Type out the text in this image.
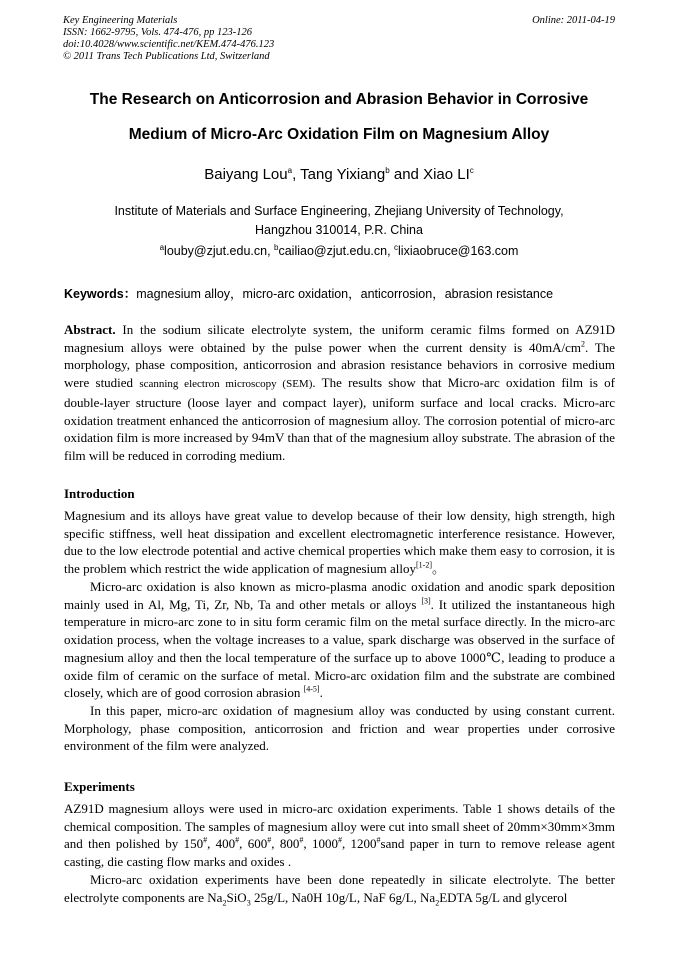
Key Engineering Materials
ISSN: 1662-9795, Vols. 474-476, pp 123-126
doi:10.4028/www.scientific.net/KEM.474-476.123
© 2011 Trans Tech Publications Ltd, Switzerland
Online: 2011-04-19
The Research on Anticorrosion and Abrasion Behavior in Corrosive
Medium of Micro-Arc Oxidation Film on Magnesium Alloy
Baiyang Lou$^a$, Tang Yixiang$^b$ and Xiao $LI^c$
Institute of Materials and Surface Engineering, Zhejiang University of Technology,
Hangzhou 310014, P.R. China
$^a$louby@zjut.edu.cn, $^b$cailiao@zjut.edu.cn, $^c$lixiaobruce@163.com
Keywords：magnesium alloy，micro-arc oxidation，anticorrosion，abrasion resistance

Abstract. In the sodium silicate electrolyte system, the uniform ceramic films formed on AZ91D magnesium alloys were obtained by the pulse power when the current density is $40mA/cm^2$. The morphology, phase composition, anticorrosion and abrasion resistance behaviors in corrosive medium were studied scanning electron microscopy (SEM). The results show that Micro-arc oxidation film is of double-layer structure (loose layer and compact layer), uniform surface and local cracks. Micro-arc oxidation treatment enhanced the anticorrosion of magnesium alloy. The corrosion potential of micro-arc oxidation film is more increased by 94mV than that of the magnesium alloy substrate. The abrasion of the film will be reduced in corroding medium.

Introduction

Magnesium and its alloys have great value to develop because of their low density, high strength, high specific stiffness, well heat dissipation and excellent electromagnetic interference resistance. However, due to the low electrode potential and active chemical properties which make them easy to corrosion, it is the problem which restrict the wide application of magnesium alloy[1-2]。

Micro-arc oxidation is also known as micro-plasma anodic oxidation and anodic spark deposition mainly used in Al, Mg, Ti, Zr, Nb, Ta and other metals or alloys [3]. It utilized the instantaneous high temperature in micro-arc zone to in situ form ceramic film on the metal surface directly. In the micro-arc oxidation process, when the voltage increases to a value, spark discharge was observed in the surface of magnesium alloy and then the local temperature of the surface up to above 1000℃, leading to produce a oxide film of ceramic on the surface of metal. Micro-arc oxidation film and the substrate are combined closely, which are of good corrosion abrasion [4-5].

In this paper, micro-arc oxidation of magnesium alloy was conducted by using constant current. Morphology, phase composition, anticorrosion and friction and wear properties under corrosive environment of the film were analyzed.

Experiments

AZ91D magnesium alloys were used in micro-arc oxidation experiments. Table 1 shows details of the chemical composition. The samples of magnesium alloy were cut into small sheet of 20mm×30mm×3mm and then polished by 150#, 400#, 600#, 800#, 1000#, 1200#sand paper in turn to remove release agent casting, die casting flow marks and oxides .

Micro-arc oxidation experiments have been done repeatedly in silicate electrolyte. The better electrolyte components are $Na_2SiO_3$ 25g/L, Na0H 10g/L, NaF 6g/L, $Na_2EDTA$ 5g/L and glycerol
